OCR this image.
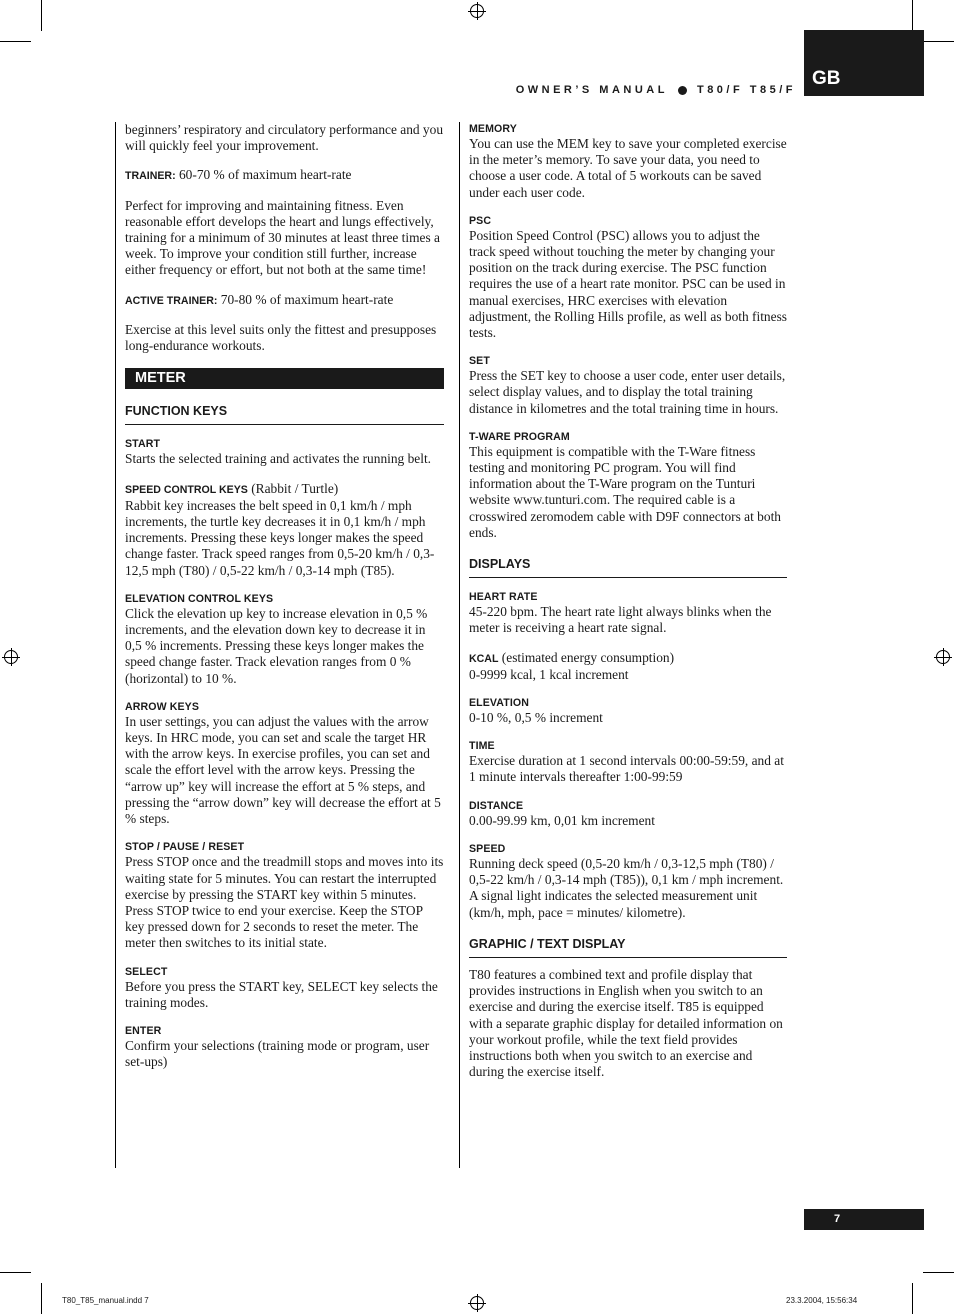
GB
OWNER’S MANUAL	T80/F T85/F

beginners’ respiratory and circulatory performance and you will quickly feel your improvement.

TRAINER: 60-70 % of maximum heart-rate

Perfect for improving and maintaining fitness. Even reasonable effort develops the heart and lungs effectively, training for a minimum of 30 minutes at least three times a week. To improve your condition still further, increase either frequency or effort, but not both at the same time!

ACTIVE TRAINER: 70-80 % of maximum heart-rate

Exercise at this level suits only the fittest and presupposes long-endurance workouts.

METER
FUNCTION KEYS
START

Starts the selected training and activates the running belt.

SPEED CONTROL KEYS (Rabbit / Turtle)

Rabbit key increases the belt speed in 0,1 km/h / mph increments, the turtle key decreases it in 0,1 km/h / mph increments. Pressing these keys longer makes the speed change faster. Track speed ranges from 0,5-20 km/h / 0,3-12,5 mph (T80) / 0,5-22 km/h / 0,3-14 mph (T85).

ELEVATION CONTROL KEYS

Click the elevation up key to increase elevation in 0,5 % increments, and the elevation down key to decrease it in 0,5 % increments. Pressing these keys longer makes the speed change faster. Track elevation ranges from 0 % (horizontal) to 10 %.

ARROW KEYS

In user settings, you can adjust the values with the arrow keys. In HRC mode, you can set and scale the target HR with the arrow keys. In exercise profiles, you can set and scale the effort level with the arrow keys. Pressing the “arrow up” key will increase the effort at 5 % steps, and pressing the “arrow down” key will decrease the effort at 5 % steps.

STOP / PAUSE / RESET

Press STOP once and the treadmill stops and moves into its waiting state for 5 minutes. You can restart the interrupted exercise by pressing the START key within 5 minutes. Press STOP twice to end your exercise. Keep the STOP key pressed down for 2 seconds to reset the meter. The meter then switches to its initial state.

SELECT

Before you press the START key, SELECT key selects the training modes.

ENTER

Confirm your selections (training mode or program, user set-ups)

MEMORY

You can use the MEM key to save your completed exercise in the meter’s memory. To save your data, you need to choose a user code. A total of 5 workouts can be saved under each user code.

PSC

Position Speed Control (PSC) allows you to adjust the track speed without touching the meter by changing your position on the track during exercise. The PSC function requires the use of a heart rate monitor. PSC can be used in manual exercises, HRC exercises with elevation adjustment, the Rolling Hills profile, as well as both fitness tests.

SET

Press the SET key to choose a user code, enter user details, select display values, and to display the total training distance in kilometres and the total training time in hours.

T-WARE PROGRAM

This equipment is compatible with the T-Ware fitness testing and monitoring PC program. You will find information about the T-Ware program on the Tunturi website www.tunturi.com. The required cable is a crosswired zeromodem cable with D9F connectors at both ends.

DISPLAYS
HEART RATE

45-220 bpm. The heart rate light always blinks when the meter is receiving a heart rate signal.

KCAL (estimated energy consumption)

0-9999 kcal, 1 kcal increment

ELEVATION

0-10 %, 0,5 % increment

TIME

Exercise duration at 1 second intervals 00:00-59:59, and at 1 minute intervals thereafter 1:00-99:59

DISTANCE

0.00-99.99 km, 0,01 km increment

SPEED

Running deck speed (0,5-20 km/h / 0,3-12,5 mph (T80) / 0,5-22 km/h / 0,3-14 mph (T85)), 0,1 km / mph increment. A signal light indicates the selected measurement unit (km/h, mph, pace = minutes/ kilometre).

GRAPHIC / TEXT DISPLAY

T80 features a combined text and profile display that provides instructions in English when you switch to an exercise and during the exercise itself. T85 is equipped with a separate graphic display for detailed information on your workout profile, while the text field provides instructions both when you switch to an exercise and during the exercise itself.

7
T80_T85_manual.indd 7	23.3.2004, 15:56:34
